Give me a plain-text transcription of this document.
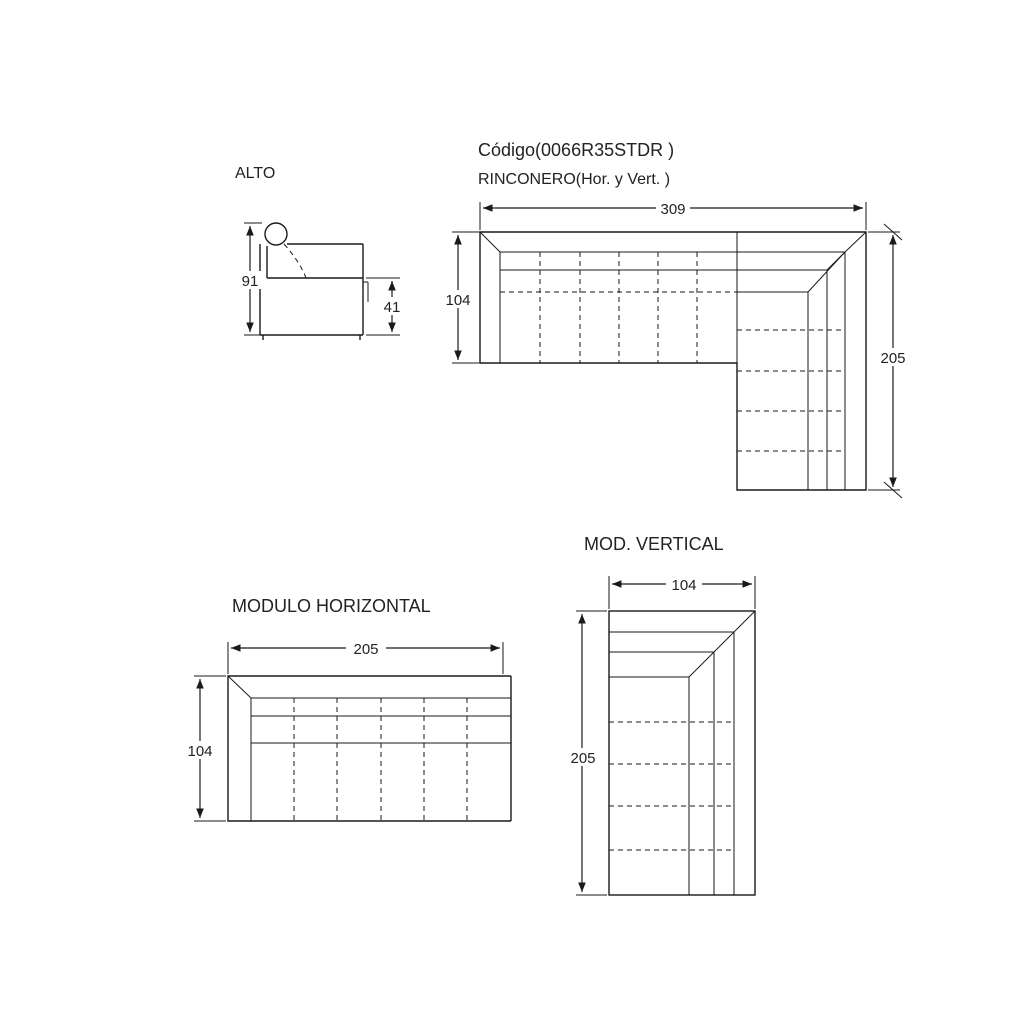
ALTO
Código(0066R35STDR )
RINCONERO(Hor. y Vert. )
MODULO HORIZONTAL
MOD. VERTICAL
91
41
309
104
205
205
104
104
205
